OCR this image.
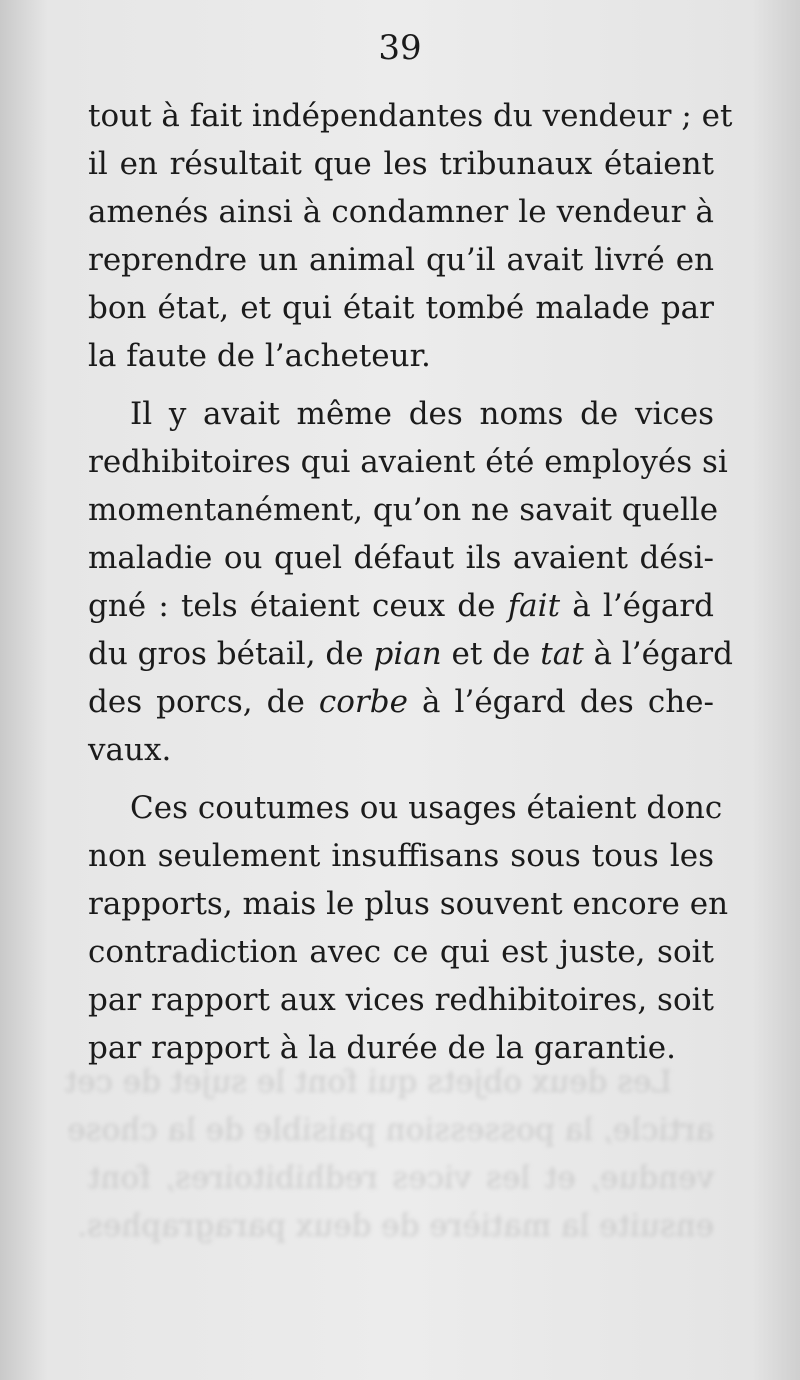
39
tout à fait indépendantes du vendeur ; et
il en résultait que les tribunaux étaient
amenés ainsi à condamner le vendeur à
reprendre un animal qu’il avait livré en
bon état, et qui était tombé malade par
la faute de l’acheteur.
Il y avait même des noms de vices
redhibitoires qui avaient été employés si
momentanément, qu’on ne savait quelle
maladie ou quel défaut ils avaient dési-
gné : tels étaient ceux de fait à l’égard
du gros bétail, de pian et de tat à l’égard
des porcs, de corbe à l’égard des che-
vaux.
Ces coutumes ou usages étaient donc
non seulement insuffisans sous tous les
rapports, mais le plus souvent encore en
contradiction avec ce qui est juste, soit
par rapport aux vices redhibitoires, soit
par rapport à la durée de la garantie.
Les deux objets qui font le sujet de cet
article, la possession paisible de la chose
vendue, et les vices redhibitoires, font
ensuite la matière de deux paragraphes.
